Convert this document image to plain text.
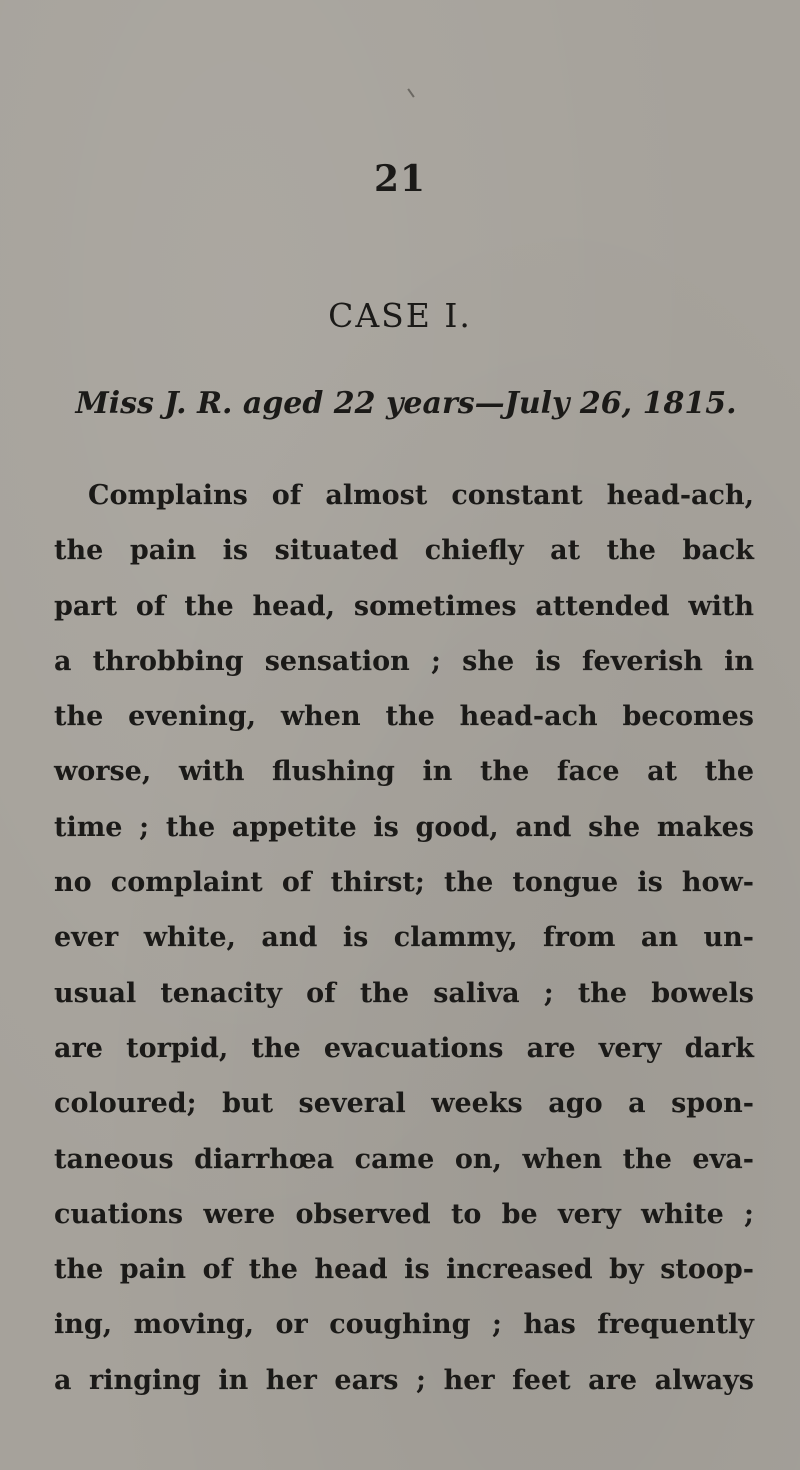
21
CASE I.
Miss J. R. aged 22 years—July 26, 1815.
Complains of almost constant head-ach,
the pain is situated chiefly at the back
part of the head, sometimes attended with
a throbbing sensation ; she is feverish in
the evening, when the head-ach becomes
worse, with flushing in the face at the
time ; the appetite is good, and she makes
no complaint of thirst; the tongue is how-
ever white, and is clammy, from an un-
usual tenacity of the saliva ; the bowels
are torpid, the evacuations are very dark
coloured; but several weeks ago a spon-
taneous diarrhœa came on, when the eva-
cuations were observed to be very white ;
the pain of the head is increased by stoop-
ing, moving, or coughing ; has frequently
a ringing in her ears ; her feet are always
